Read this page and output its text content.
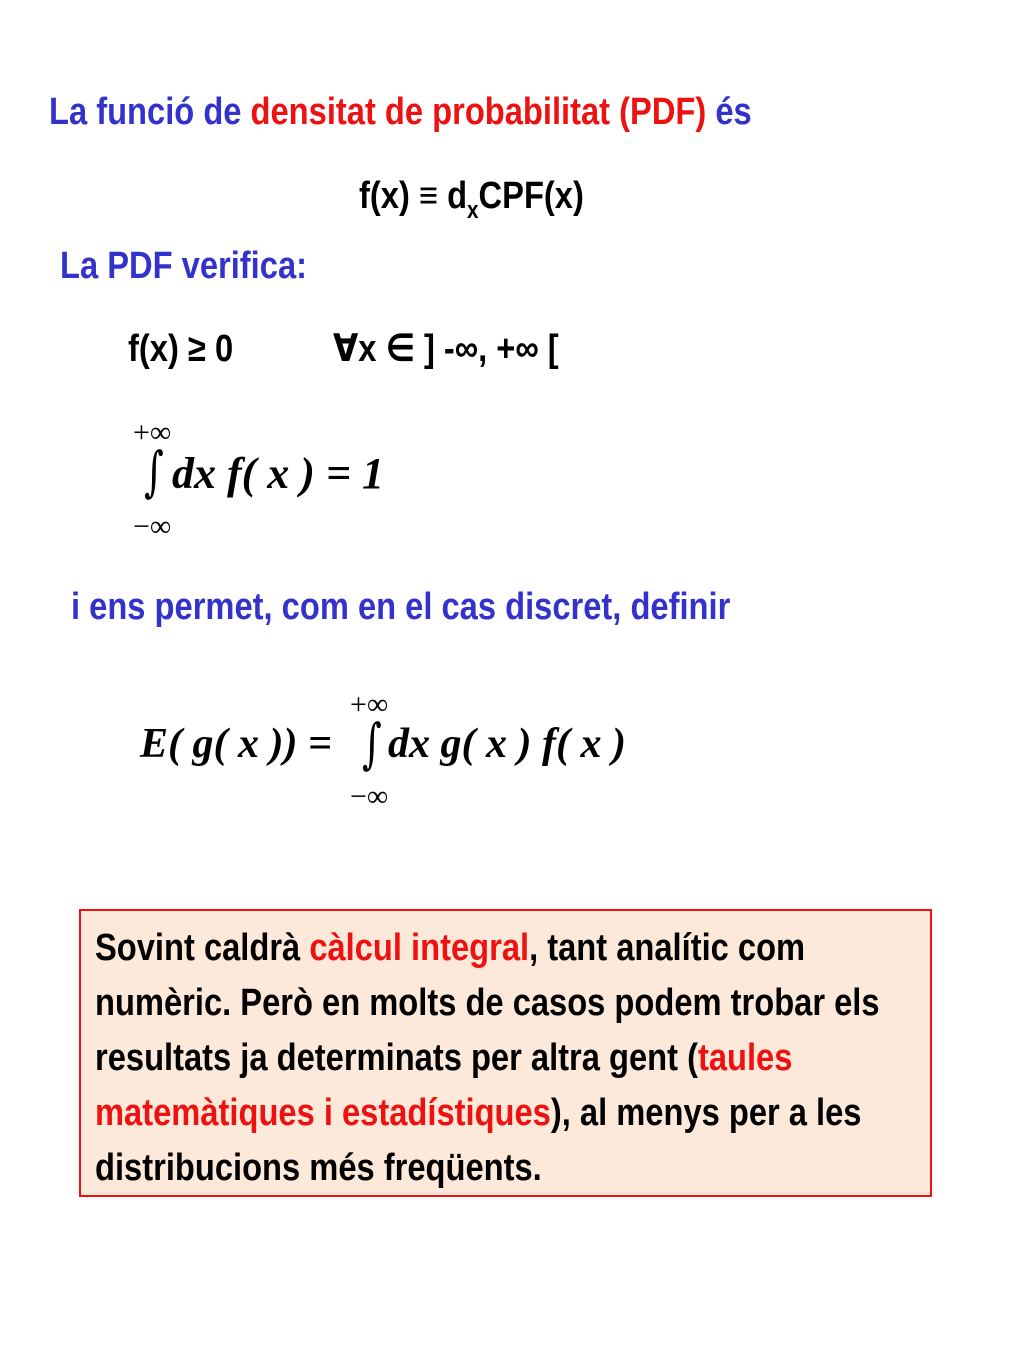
La funció de densitat de probabilitat (PDF) és
$f(x) \equiv d_xCPF(x)$
La PDF verifica:
f(x) ≥ 0	∀x ∈ ] -∞, +∞ [
+∞
∫ dx f( x ) = 1
−∞
i ens permet, com en el cas discret, definir
E( g( x )) =
+∞
∫ dx g( x ) f( x )
−∞
Sovint caldrà càlcul integral, tant analític com numèric. Però en molts de casos podem trobar els resultats ja determinats per altra gent (taules matemàtiques i estadístiques), al menys per a les distribucions més freqüents.
